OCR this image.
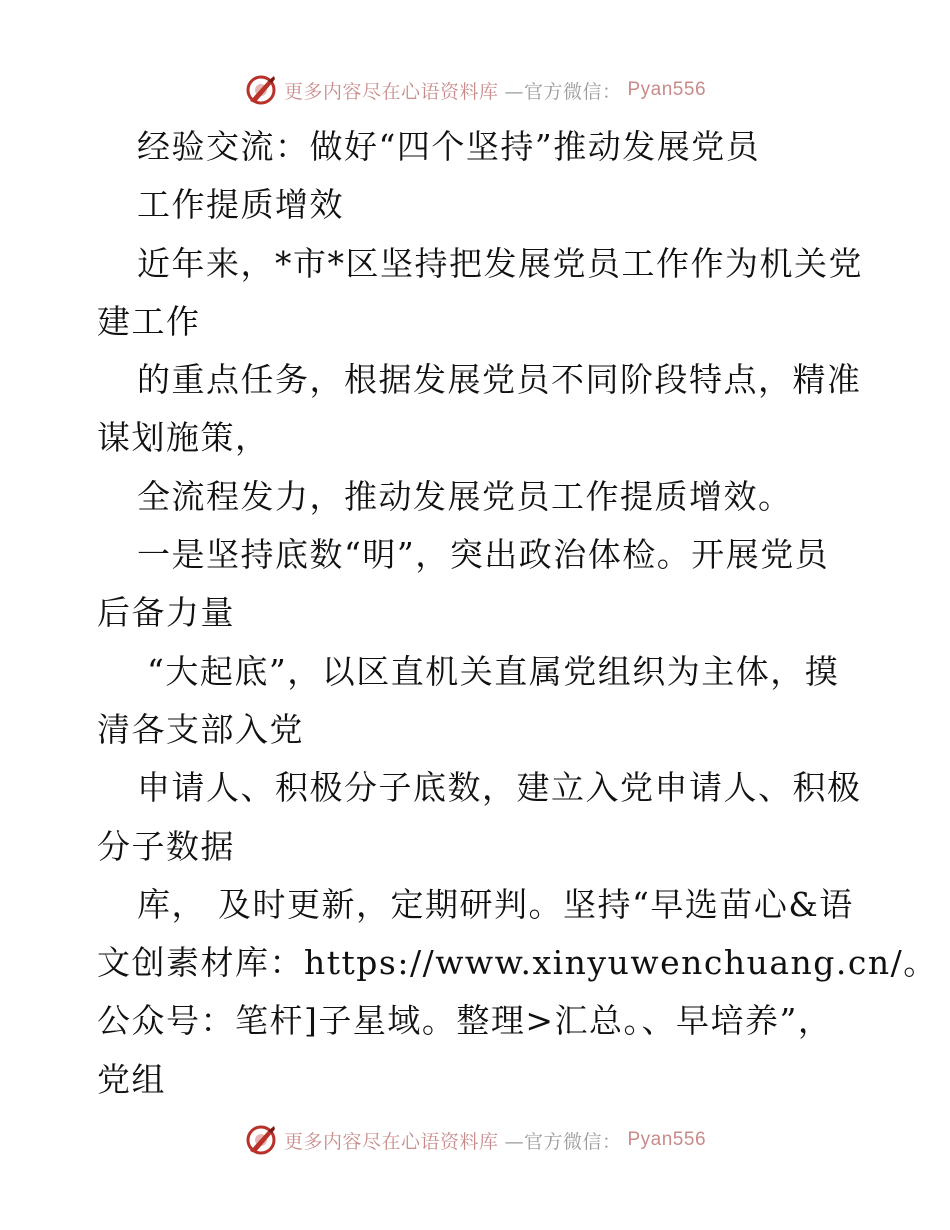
更多内容尽在心语资料库 —官方微信： Pyan556
经验交流：做好“四个坚持”推动发展党员
工作提质增效
近年来，*市*区坚持把发展党员工作作为机关党
建工作
的重点任务，根据发展党员不同阶段特点，精准
谋划施策，
全流程发力，推动发展党员工作提质增效。
一是坚持底数“明”，突出政治体检。开展党员
后备力量
“大起底”，以区直机关直属党组织为主体，摸
清各支部入党
申请人、积极分子底数，建立入党申请人、积极
分子数据
库， 及时更新，定期研判。坚持“早选苗心&语
文创素材库：https://www.xinyuwenchuang.cn/。
公众号：笔杆]子星域。整理>汇总。、早培养”，
党组
更多内容尽在心语资料库 —官方微信： Pyan556
